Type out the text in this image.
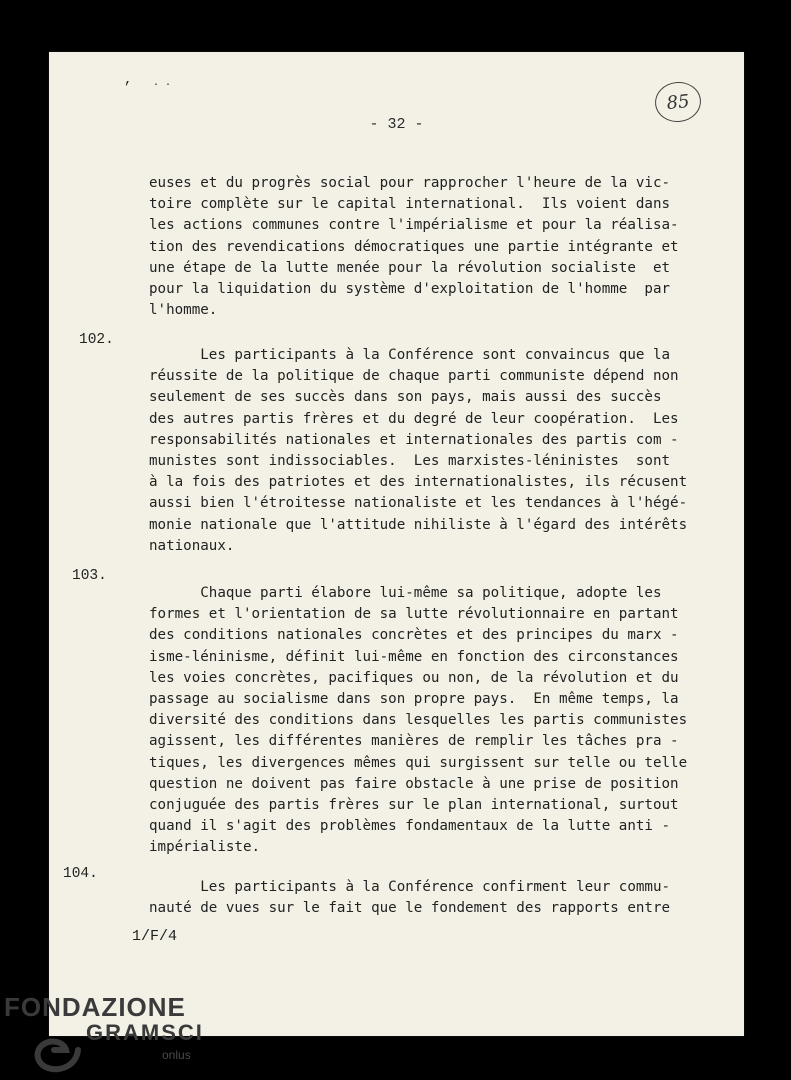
, . .
85
- 32 -
euses et du progrès social pour rapprocher l'heure de la vic-
toire complète sur le capital international.  Ils voient dans
les actions communes contre l'impérialisme et pour la réalisa-
tion des revendications démocratiques une partie intégrante et
une étape de la lutte menée pour la révolution socialiste  et
pour la liquidation du système d'exploitation de l'homme  par
l'homme.
102.
Les participants à la Conférence sont convaincus que la
réussite de la politique de chaque parti communiste dépend non
seulement de ses succès dans son pays, mais aussi des succès
des autres partis frères et du degré de leur coopération.  Les
responsabilités nationales et internationales des partis com -
munistes sont indissociables.  Les marxistes-léninistes  sont
à la fois des patriotes et des internationalistes, ils récusent
aussi bien l'étroitesse nationaliste et les tendances à l'hégé-
monie nationale que l'attitude nihiliste à l'égard des intérêts
nationaux.
103.
Chaque parti élabore lui-même sa politique, adopte les
formes et l'orientation de sa lutte révolutionnaire en partant
des conditions nationales concrètes et des principes du marx -
isme-léninisme, définit lui-même en fonction des circonstances
les voies concrètes, pacifiques ou non, de la révolution et du
passage au socialisme dans son propre pays.  En même temps, la
diversité des conditions dans lesquelles les partis communistes
agissent, les différentes manières de remplir les tâches pra -
tiques, les divergences mêmes qui surgissent sur telle ou telle
question ne doivent pas faire obstacle à une prise de position
conjuguée des partis frères sur le plan international, surtout
quand il s'agit des problèmes fondamentaux de la lutte anti -
impérialiste.
104.
Les participants à la Conférence confirment leur commu-
nauté de vues sur le fait que le fondement des rapports entre
1/F/4
FONDAZIONE
GRAMSCI
onlus
